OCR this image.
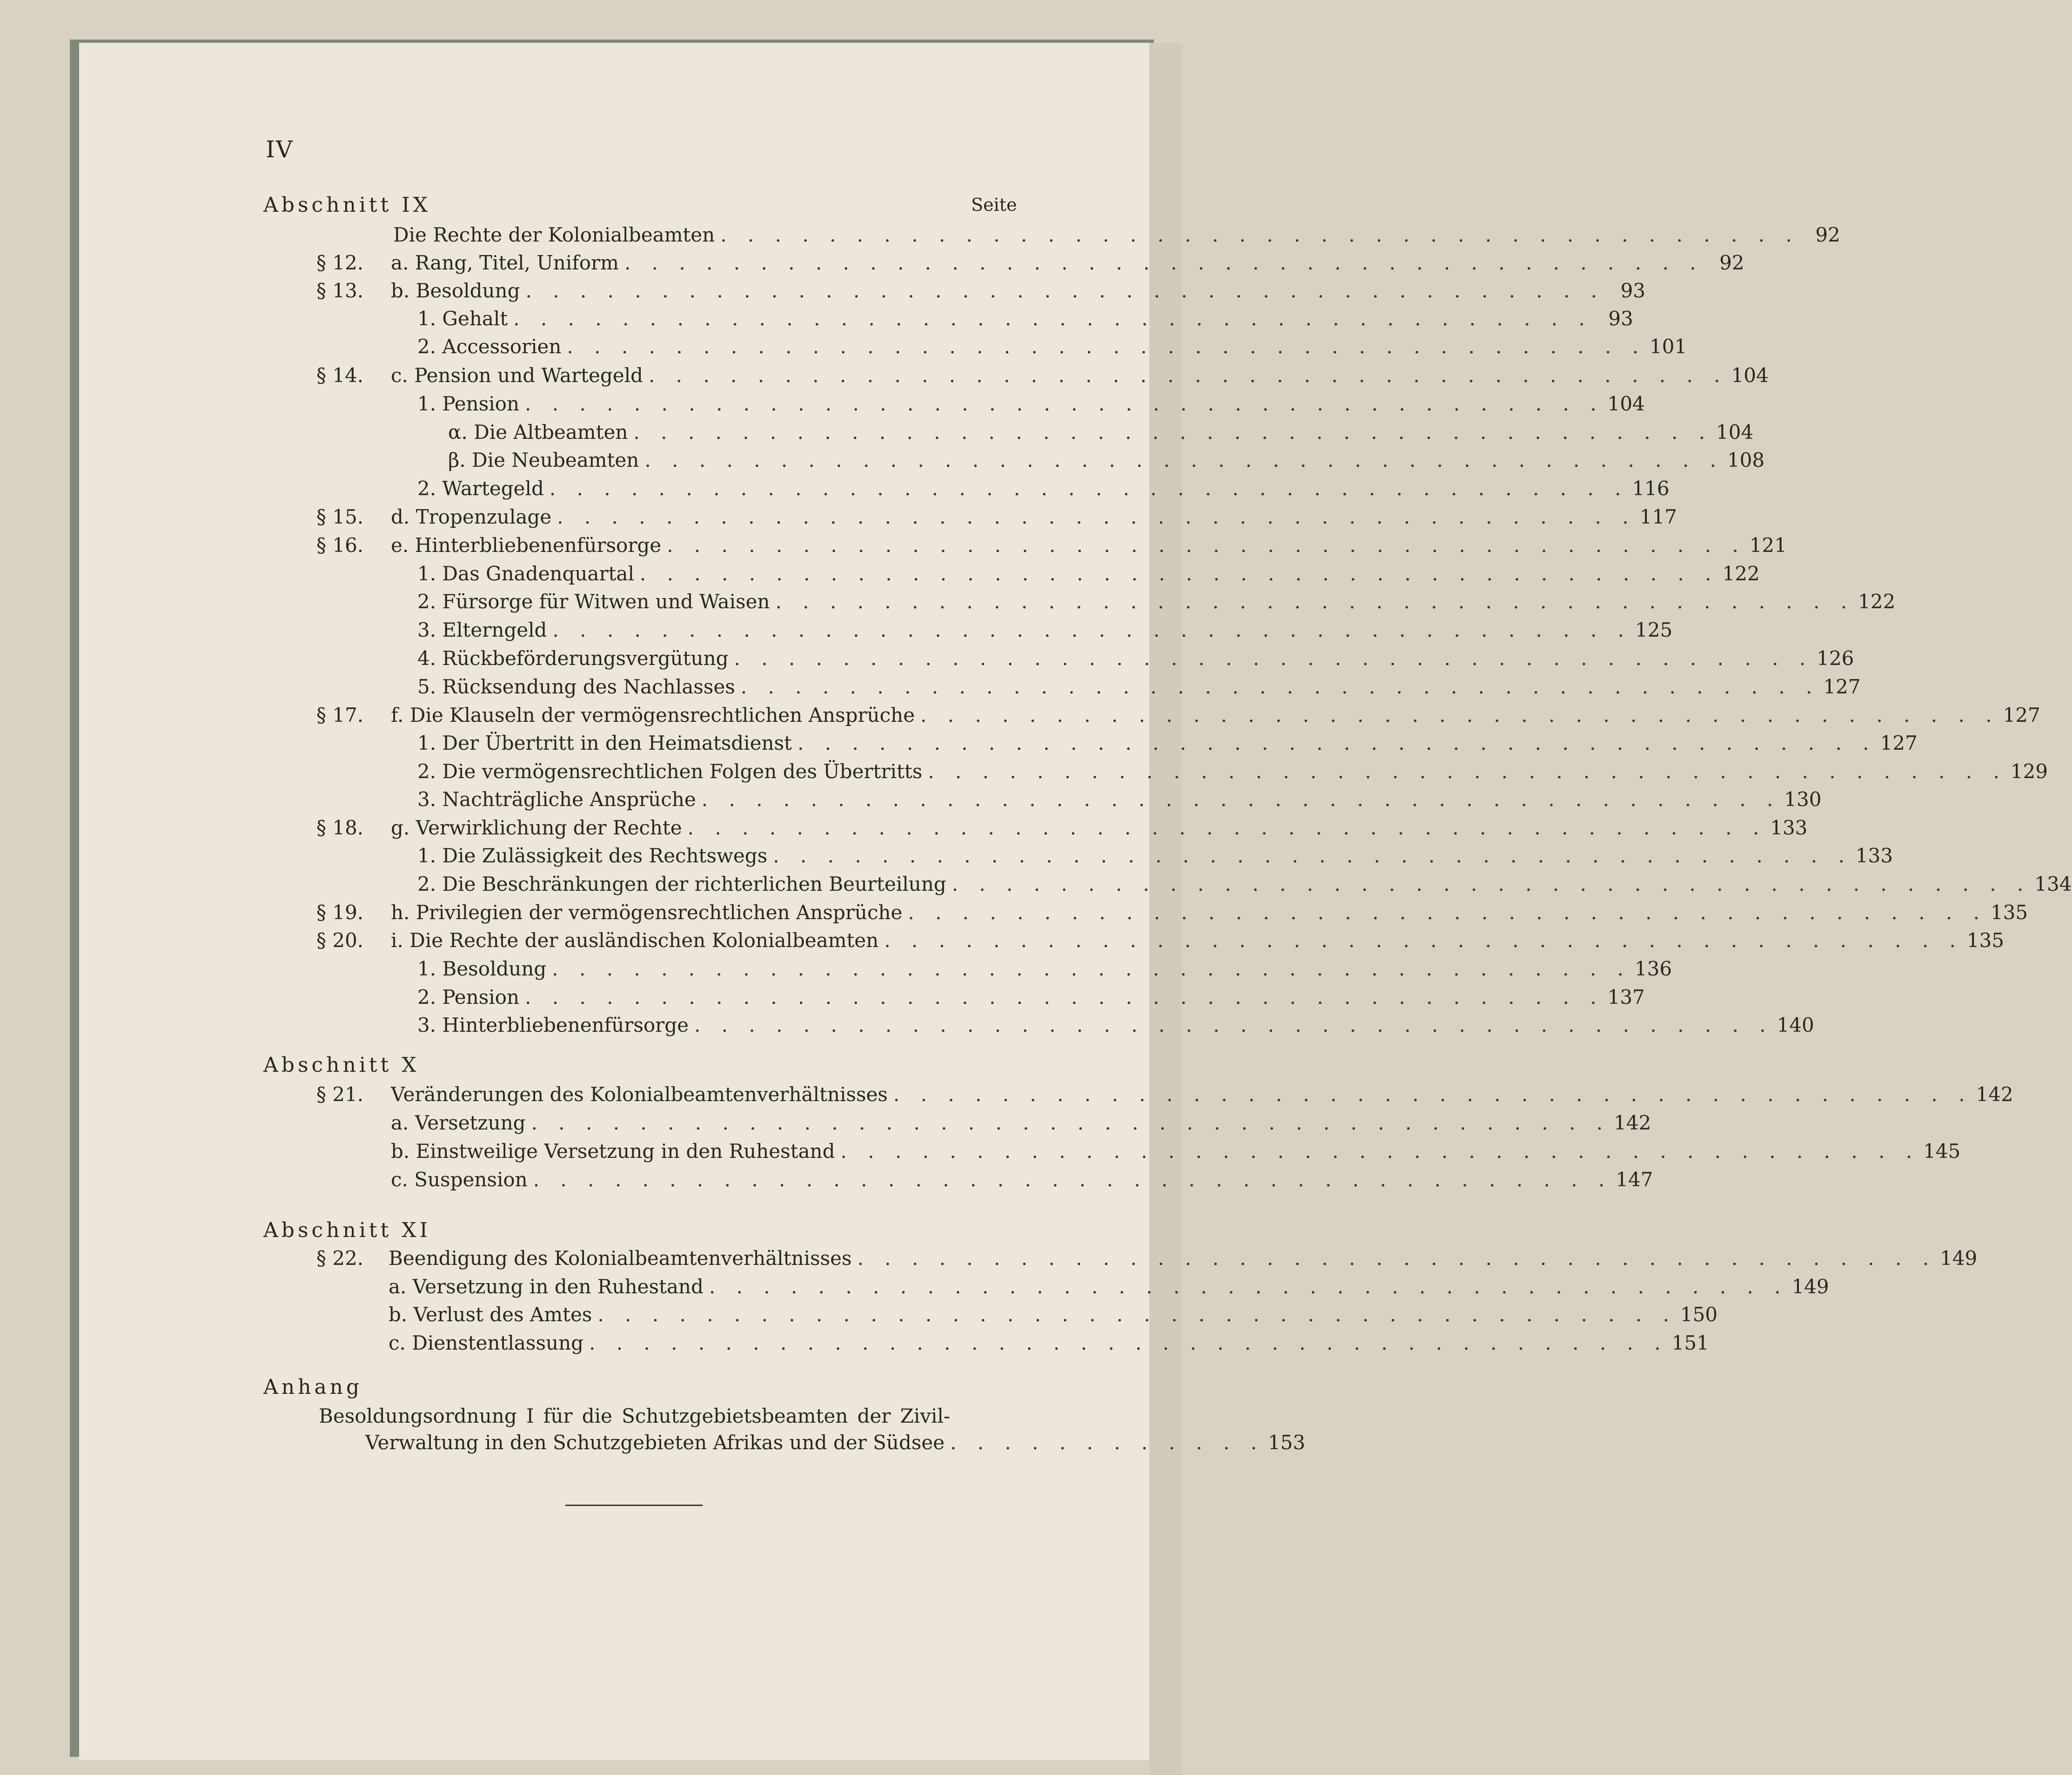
IV
Seite
Abschnitt IX
Abschnitt X
Abschnitt XI
Anhang
Die Rechte der Kolonialbeamten . . . . . . . . . . . . . . . . . . . . . . . . . . . . . . . . . . . . . . . . 92
§ 12. a. Rang, Titel, Uniform . . . . . . . . . . . . . . . . . . . . . . . . . . . . . . . . . . . . . . . . 92
§ 13. b. Besoldung . . . . . . . . . . . . . . . . . . . . . . . . . . . . . . . . . . . . . . . . 93
1. Gehalt . . . . . . . . . . . . . . . . . . . . . . . . . . . . . . . . . . . . . . . . 93
2. Accessorien . . . . . . . . . . . . . . . . . . . . . . . . . . . . . . . . . . . . . . . . 101
§ 14. c. Pension und Wartegeld . . . . . . . . . . . . . . . . . . . . . . . . . . . . . . . . . . . . . . . . 104
1. Pension . . . . . . . . . . . . . . . . . . . . . . . . . . . . . . . . . . . . . . . . 104
α. Die Altbeamten . . . . . . . . . . . . . . . . . . . . . . . . . . . . . . . . . . . . . . . . 104
β. Die Neubeamten . . . . . . . . . . . . . . . . . . . . . . . . . . . . . . . . . . . . . . . . 108
2. Wartegeld . . . . . . . . . . . . . . . . . . . . . . . . . . . . . . . . . . . . . . . . 116
§ 15. d. Tropenzulage . . . . . . . . . . . . . . . . . . . . . . . . . . . . . . . . . . . . . . . . 117
§ 16. e. Hinterbliebenenfürsorge . . . . . . . . . . . . . . . . . . . . . . . . . . . . . . . . . . . . . . . . 121
1. Das Gnadenquartal . . . . . . . . . . . . . . . . . . . . . . . . . . . . . . . . . . . . . . . . 122
2. Fürsorge für Witwen und Waisen . . . . . . . . . . . . . . . . . . . . . . . . . . . . . . . . . . . . . . . . 122
3. Elterngeld . . . . . . . . . . . . . . . . . . . . . . . . . . . . . . . . . . . . . . . . 125
4. Rückbeförderungsvergütung . . . . . . . . . . . . . . . . . . . . . . . . . . . . . . . . . . . . . . . . 126
5. Rücksendung des Nachlasses . . . . . . . . . . . . . . . . . . . . . . . . . . . . . . . . . . . . . . . . 127
§ 17. f. Die Klauseln der vermögensrechtlichen Ansprüche . . . . . . . . . . . . . . . . . . . . . . . . . . . . . . . . . . . . . . . . 127
1. Der Übertritt in den Heimatsdienst . . . . . . . . . . . . . . . . . . . . . . . . . . . . . . . . . . . . . . . . 127
2. Die vermögensrechtlichen Folgen des Übertritts . . . . . . . . . . . . . . . . . . . . . . . . . . . . . . . . . . . . . . . . 129
3. Nachträgliche Ansprüche . . . . . . . . . . . . . . . . . . . . . . . . . . . . . . . . . . . . . . . . 130
§ 18. g. Verwirklichung der Rechte . . . . . . . . . . . . . . . . . . . . . . . . . . . . . . . . . . . . . . . . 133
1. Die Zulässigkeit des Rechtswegs . . . . . . . . . . . . . . . . . . . . . . . . . . . . . . . . . . . . . . . . 133
2. Die Beschränkungen der richterlichen Beurteilung . . . . . . . . . . . . . . . . . . . . . . . . . . . . . . . . . . . . . . . . 134
§ 19. h. Privilegien der vermögensrechtlichen Ansprüche . . . . . . . . . . . . . . . . . . . . . . . . . . . . . . . . . . . . . . . . 135
§ 20. i. Die Rechte der ausländischen Kolonialbeamten . . . . . . . . . . . . . . . . . . . . . . . . . . . . . . . . . . . . . . . . 135
1. Besoldung . . . . . . . . . . . . . . . . . . . . . . . . . . . . . . . . . . . . . . . . 136
2. Pension . . . . . . . . . . . . . . . . . . . . . . . . . . . . . . . . . . . . . . . . 137
3. Hinterbliebenenfürsorge . . . . . . . . . . . . . . . . . . . . . . . . . . . . . . . . . . . . . . . . 140
§ 21. Veränderungen des Kolonialbeamtenverhältnisses . . . . . . . . . . . . . . . . . . . . . . . . . . . . . . . . . . . . . . . . 142
a. Versetzung . . . . . . . . . . . . . . . . . . . . . . . . . . . . . . . . . . . . . . . . 142
b. Einstweilige Versetzung in den Ruhestand . . . . . . . . . . . . . . . . . . . . . . . . . . . . . . . . . . . . . . . . 145
c. Suspension . . . . . . . . . . . . . . . . . . . . . . . . . . . . . . . . . . . . . . . . 147
§ 22. Beendigung des Kolonialbeamtenverhältnisses . . . . . . . . . . . . . . . . . . . . . . . . . . . . . . . . . . . . . . . . 149
a. Versetzung in den Ruhestand . . . . . . . . . . . . . . . . . . . . . . . . . . . . . . . . . . . . . . . . 149
b. Verlust des Amtes . . . . . . . . . . . . . . . . . . . . . . . . . . . . . . . . . . . . . . . . 150
c. Dienstentlassung . . . . . . . . . . . . . . . . . . . . . . . . . . . . . . . . . . . . . . . . 151
Besoldungsordnung I für die Schutzgebietsbeamten der Zivil-
Verwaltung in den Schutzgebieten Afrikas und der Südsee . . . . . . . . . . . . 153
